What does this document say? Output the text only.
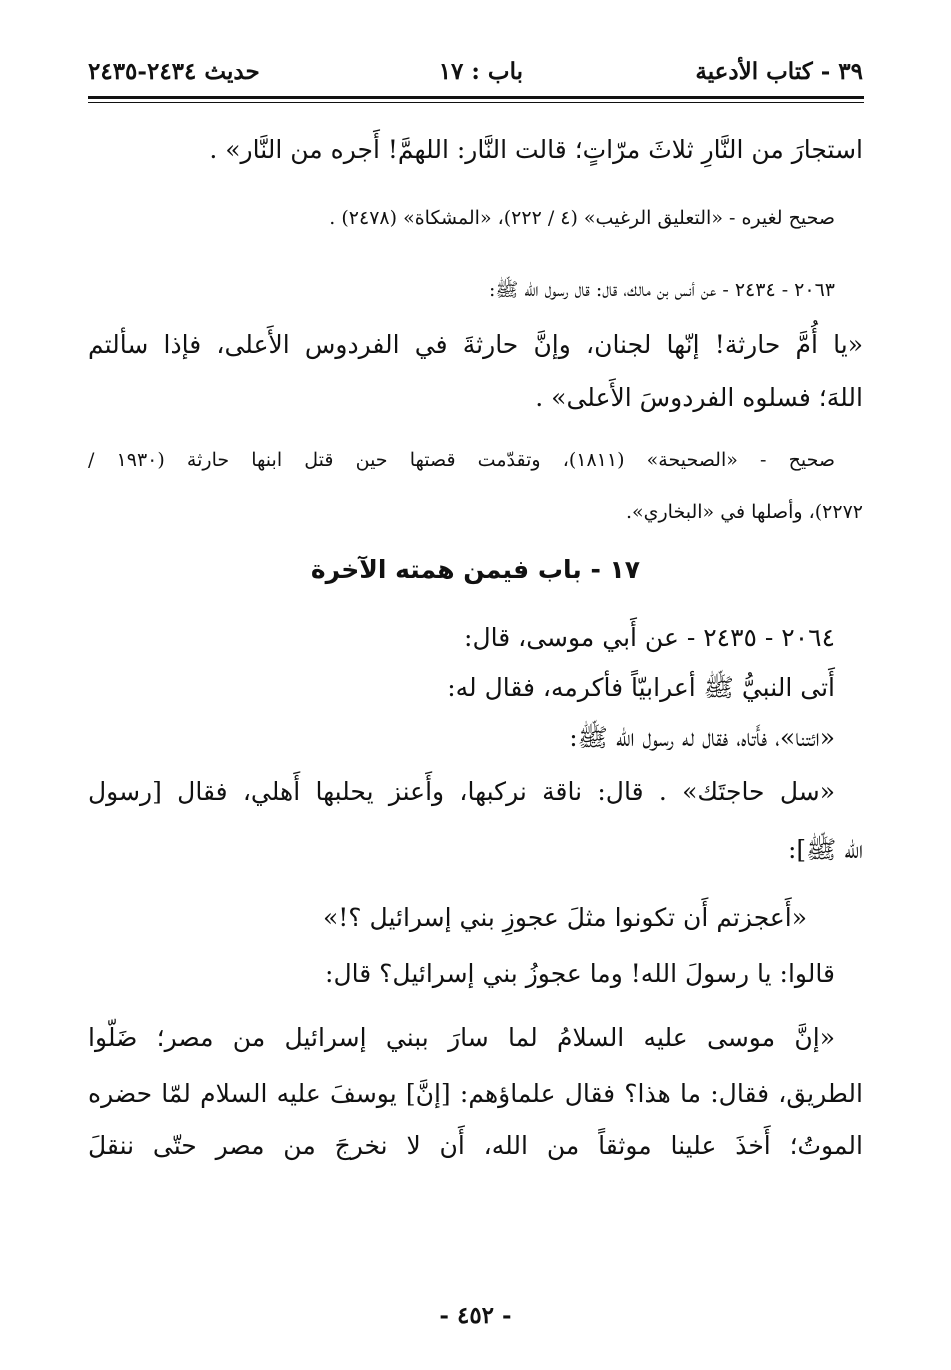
٣٩ - كتاب الأدعية
باب : ١٧
حديث ٢٤٣٤-٢٤٣٥
استجارَ من النَّارِ ثلاثَ مرّاتٍ؛ قالت النَّار: اللهمَّ! أَجره من النَّار» .
صحيح لغيره - «التعليق الرغيب» (٤ / ٢٢٢)، «المشكاة» (٢٤٧٨) .
٢٠٦٣ - ٢٤٣٤ - عن أنس بن مالك، قال: قال رسول الله ﷺ:
«يا أُمَّ حارثة! إنّها لجنان، وإنَّ حارثةَ في الفردوس الأَعلى، فإذا سألتم
اللهَ؛ فسلوه الفردوسَ الأَعلى» .
صحيح - «الصحيحة» (١٨١١)، وتقدّمت قصتها حين قتل ابنها حارثة (١٩٣٠ /
٢٢٧٢)، وأصلها في «البخاري».
١٧ - باب فيمن همته الآخرة
٢٠٦٤ - ٢٤٣٥ - عن أَبي موسى، قال:
أَتى النبيُّ ﷺ أعرابيّاً فأكرمه، فقال له:
«ائتنا»، فأَتاه، فقال له رسول الله ﷺ:
«سل حاجتَك» . قال: ناقة نركبها، وأَعنز يحلبها أَهلي، فقال [رسول
الله ﷺ]:
«أَعجزتم أَن تكونوا مثلَ عجوزِ بني إسرائيل ؟!»
قالوا: يا رسولَ الله! وما عجوزُ بني إسرائيل؟ قال:
«إنَّ موسى عليه السلامُ لما سارَ ببني إسرائيل من مصر؛ ضَلّوا
الطريق، فقال: ما هذا؟ فقال علماؤهم: [إنَّ] يوسفَ عليه السلام لمّا حضره
الموتُ؛ أَخذَ علينا موثقاً من الله، أَن لا نخرجَ من مصر حتّى ننقلَ
- ٤٥٢ -
